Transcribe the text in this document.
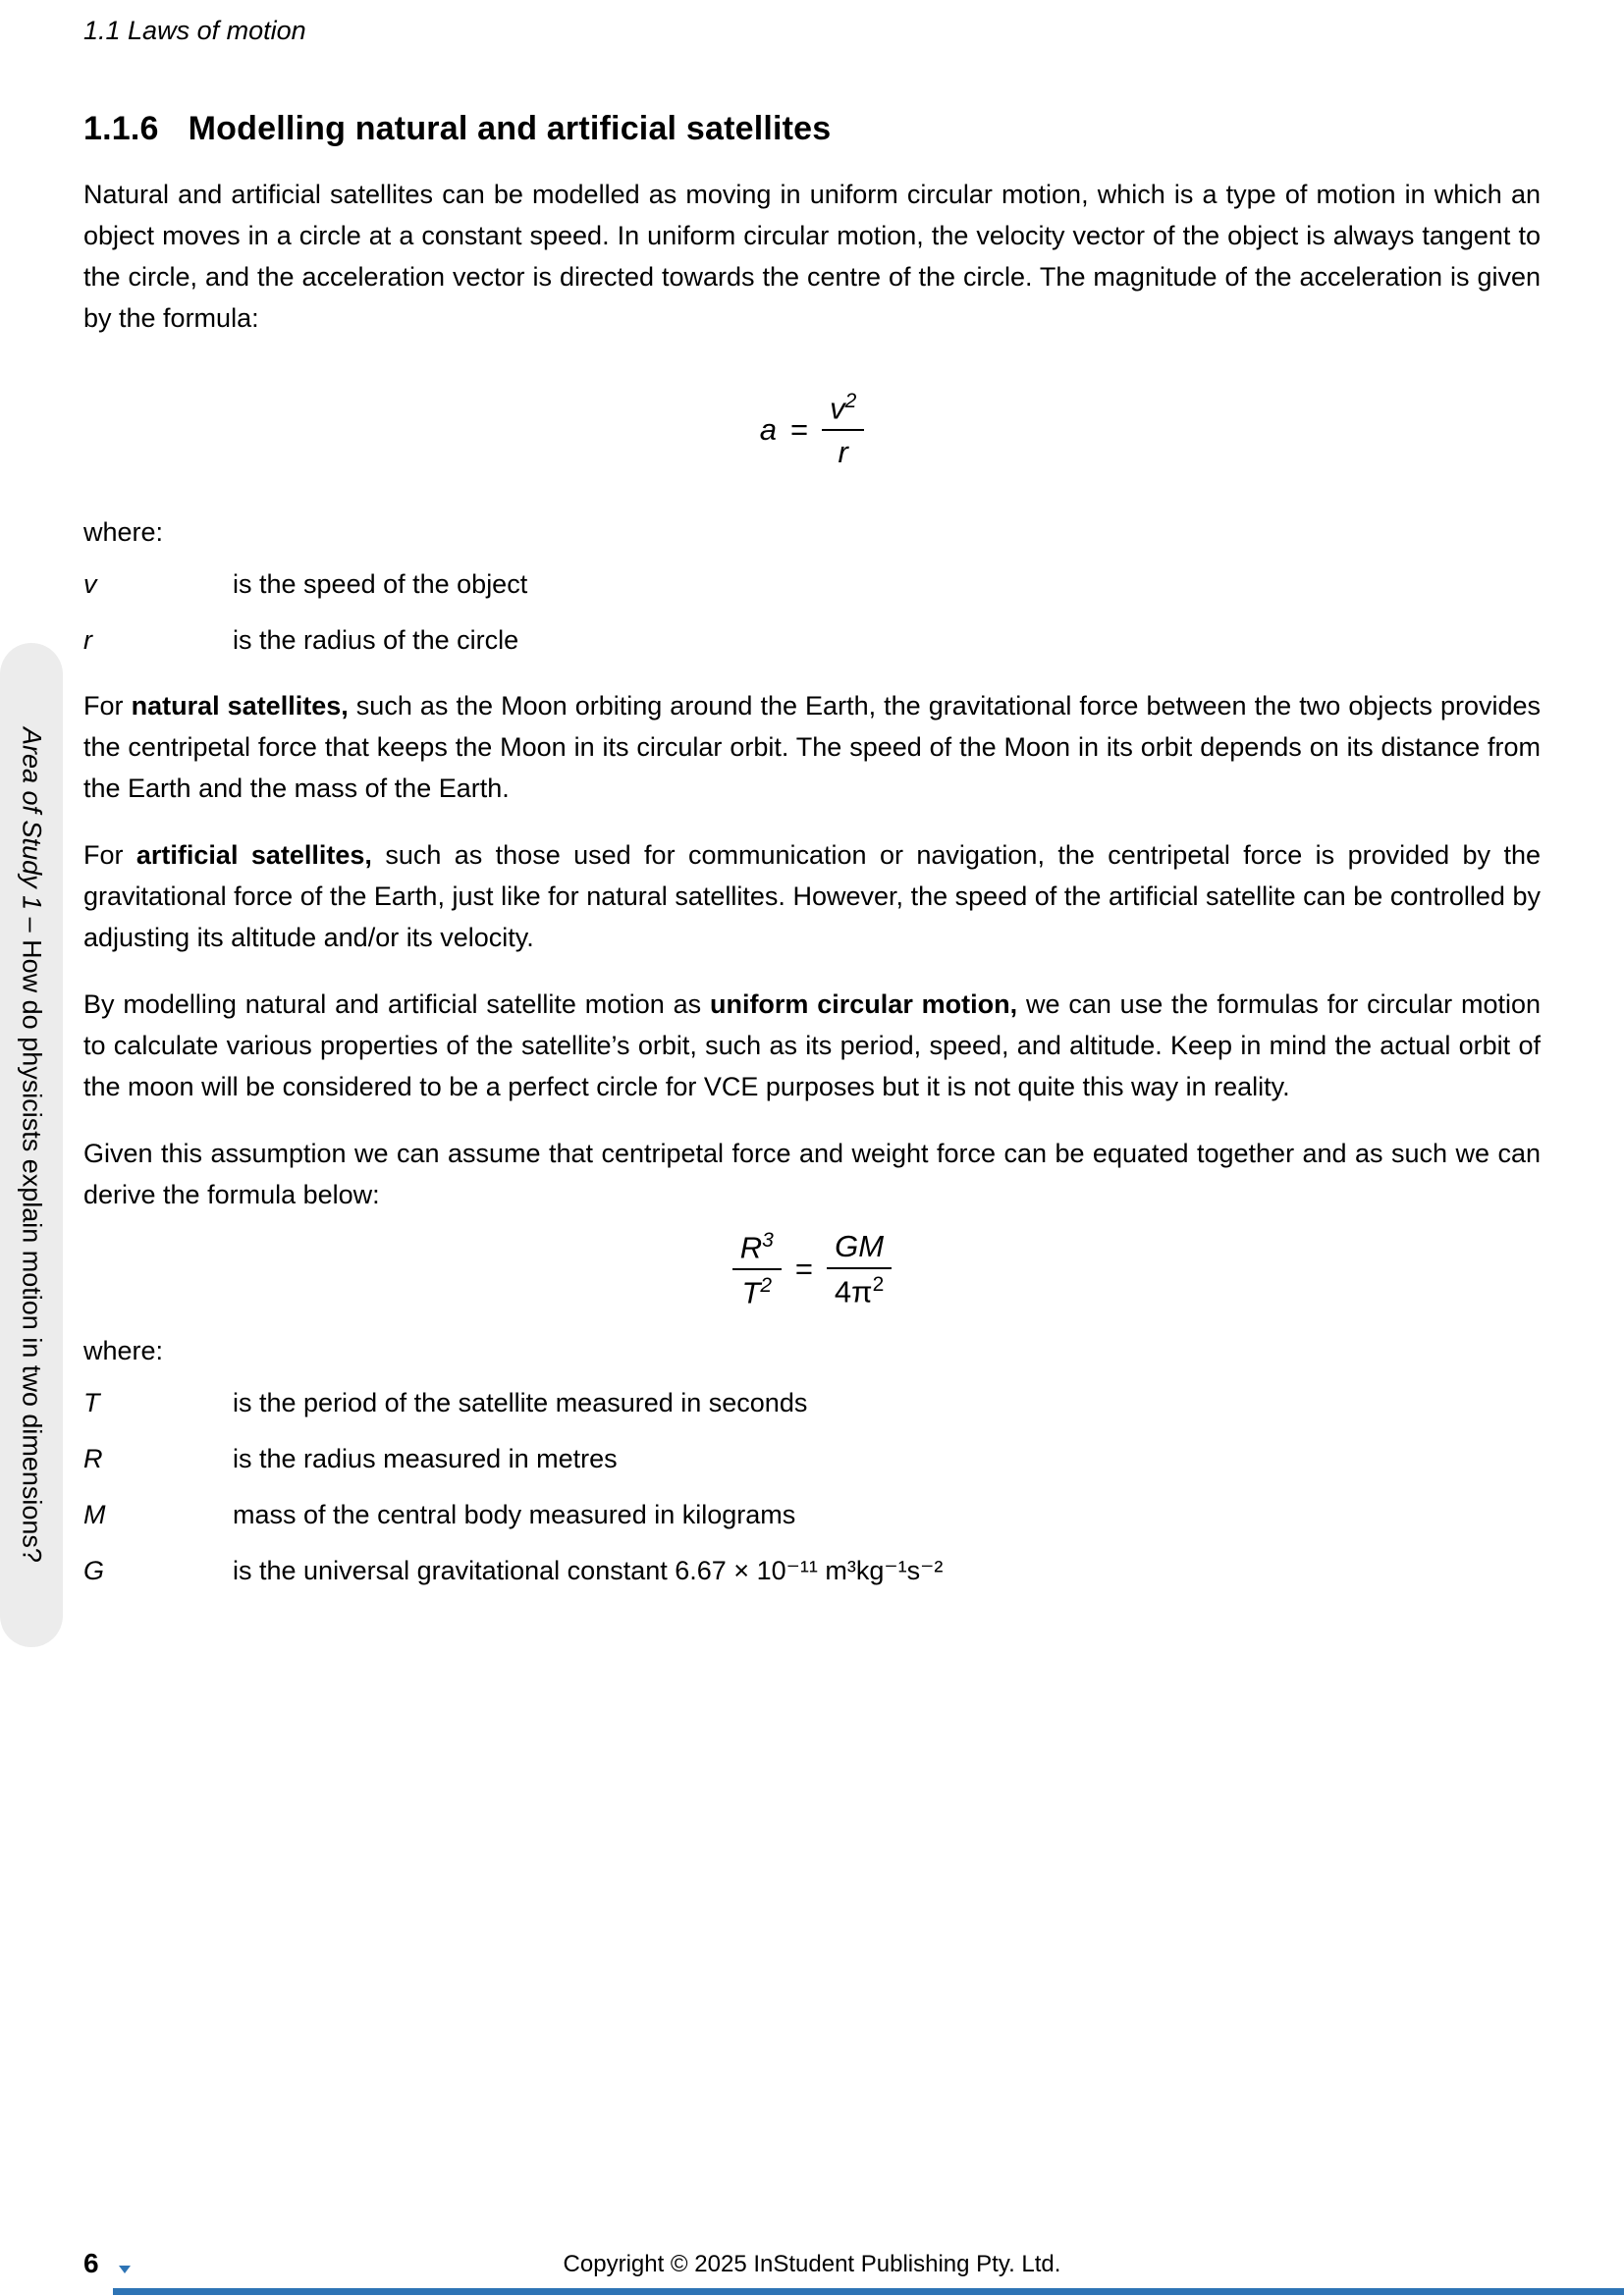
1.1 Laws of motion
Area of Study 1 – How do physicists explain motion in two dimensions?
1.1.6 Modelling natural and artificial satellites

Natural and artificial satellites can be modelled as moving in uniform circular motion, which is a type of motion in which an object moves in a circle at a constant speed. In uniform circular motion, the velocity vector of the object is always tangent to the circle, and the acceleration vector is directed towards the centre of the circle. The magnitude of the acceleration is given by the formula:

$a = \frac{v^2}{r}$
where:
v	is the speed of the object
r	is the radius of the circle

For natural satellites, such as the Moon orbiting around the Earth, the gravitational force between the two objects provides the centripetal force that keeps the Moon in its circular orbit. The speed of the Moon in its orbit depends on its distance from the Earth and the mass of the Earth.

For artificial satellites, such as those used for communication or navigation, the centripetal force is provided by the gravitational force of the Earth, just like for natural satellites. However, the speed of the artificial satellite can be controlled by adjusting its altitude and/or its velocity.

By modelling natural and artificial satellite motion as uniform circular motion, we can use the formulas for circular motion to calculate various properties of the satellite’s orbit, such as its period, speed, and altitude. Keep in mind the actual orbit of the moon will be considered to be a perfect circle for VCE purposes but it is not quite this way in reality.

Given this assumption we can assume that centripetal force and weight force can be equated together and as such we can derive the formula below:

$\frac{R^3}{T^2} = \frac{GM}{4\pi^2}$
where:
T	is the period of the satellite measured in seconds
R	is the radius measured in metres
M	mass of the central body measured in kilograms
G	is the universal gravitational constant 6.67 × 10⁻¹¹ m³kg⁻¹s⁻²
6	Copyright © 2025 InStudent Publishing Pty. Ltd.
